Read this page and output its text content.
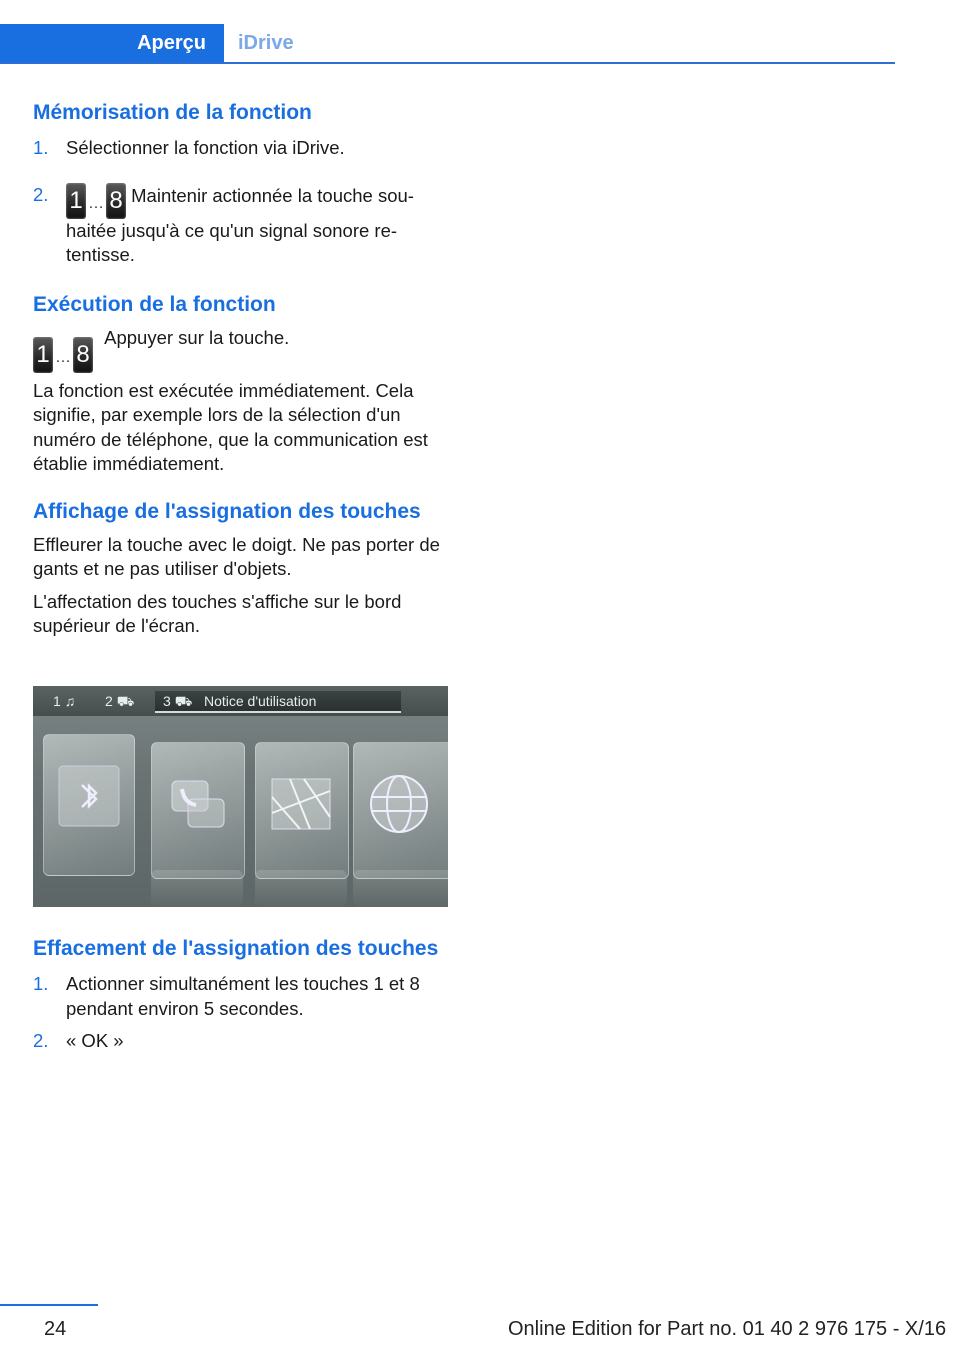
Aperçu	iDrive
Mémorisation de la fonction
1. Sélectionner la fonction via iDrive.
2. 1 … 8 Maintenir actionnée la touche sou‐haitée jusqu'à ce qu'un signal sonore re‐tentisse.
Exécution de la fonction

1 … 8 Appuyer sur la touche.

La fonction est exécutée immédiatement. Cela signifie, par exemple lors de la sélection d'un numéro de téléphone, que la communication est établie immédiatement.

Affichage de l'assignation des touches

Effleurer la touche avec le doigt. Ne pas porter de gants et ne pas utiliser d'objets.

L'affectation des touches s'affiche sur le bord supérieur de l'écran.

1 ♫ 2 ⛟	3 ⛟ Notice d'utilisation
Effacement de l'assignation des touches
1. Actionner simultanément les touches 1 et 8 pendant environ 5 secondes.
2. « OK »
24	Online Edition for Part no. 01 40 2 976 175 - X/16
